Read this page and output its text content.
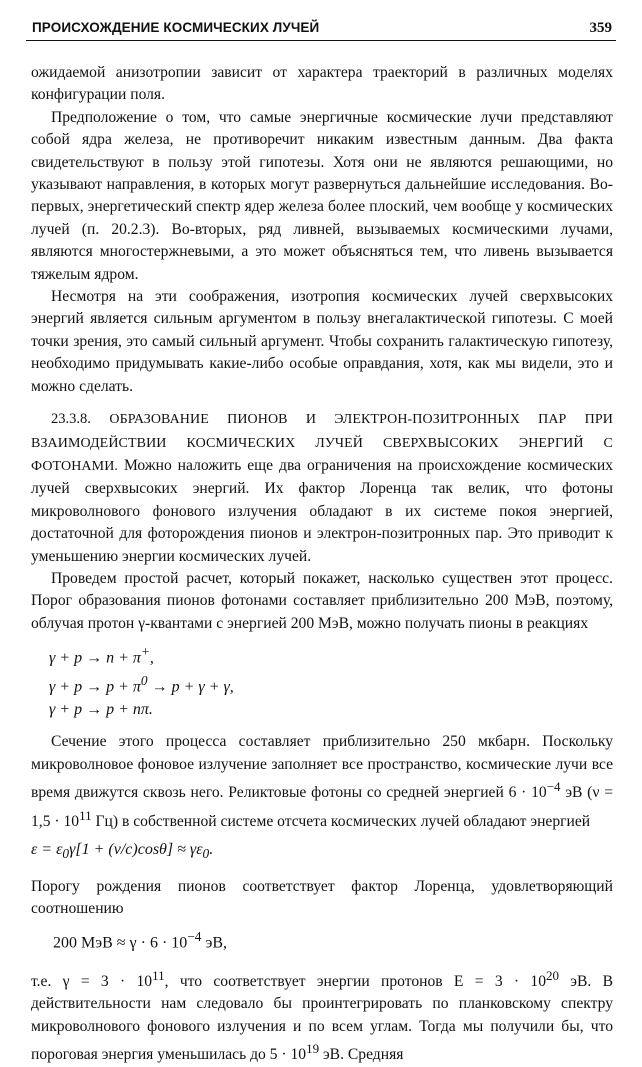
ПРОИСХОЖДЕНИЕ КОСМИЧЕСКИХ ЛУЧЕЙ	359

ожидаемой анизотропии зависит от характера траекторий в различных моделях конфигурации поля.

Предположение о том, что самые энергичные космические лучи представляют собой ядра железа, не противоречит никаким известным данным. Два факта свидетельствуют в пользу этой гипотезы. Хотя они не являются решающими, но указывают направления, в которых могут развернуться дальнейшие исследования. Во-первых, энергетический спектр ядер железа более плоский, чем вообще у космических лучей (п. 20.2.3). Во-вторых, ряд ливней, вызываемых космическими лучами, являются многостержневыми, а это может объясняться тем, что ливень вызывается тяжелым ядром.

Несмотря на эти соображения, изотропия космических лучей сверхвысоких энергий является сильным аргументом в пользу внегалактической гипотезы. С моей точки зрения, это самый сильный аргумент. Чтобы сохранить галактическую гипотезу, необходимо придумывать какие-либо особые оправдания, хотя, как мы видели, это и можно сделать.

23.3.8. ОБРАЗОВАНИЕ ПИОНОВ И ЭЛЕКТРОН-ПОЗИТРОННЫХ ПАР ПРИ ВЗАИМОДЕЙСТВИИ КОСМИЧЕСКИХ ЛУЧЕЙ СВЕРХВЫСОКИХ ЭНЕРГИЙ С ФОТОНАМИ. Можно наложить еще два ограничения на происхождение космических лучей сверхвысоких энергий. Их фактор Лоренца так велик, что фотоны микроволнового фонового излучения обладают в их системе покоя энергией, достаточной для фоторождения пионов и электрон-позитронных пар. Это приводит к уменьшению энергии космических лучей.

Проведем простой расчет, который покажет, насколько существен этот процесс. Порог образования пионов фотонами составляет приблизительно 200 МэВ, поэтому, облучая протон γ-квантами с энергией 200 МэВ, можно получать пионы в реакциях

γ + p → n + π+,
$\gamma + p \to p + \pi^0 \to p + \gamma + \gamma$,
γ + p → p + nπ.

Сечение этого процесса составляет приблизительно 250 мкбарн. Поскольку микроволновое фоновое излучение заполняет все пространство, космические лучи все время движутся сквозь него. Реликтовые фотоны со средней энергией $6 \cdot 10^{-4}$ эВ ($\nu = 1,5 \cdot 10^{11}$ Гц) в собственной системе отсчета космических лучей обладают энергией

$\varepsilon = \varepsilon_0\gamma[1 + (v/c)\cos\theta] \approx \gamma\varepsilon_0$.

Порогу рождения пионов соответствует фактор Лоренца, удовлетворяющий соотношению

200 МэВ ≈ $\gamma \cdot 6 \cdot 10^{-4}$ эВ,

т.е. $\gamma = 3 \cdot 10^{11}$, что соответствует энергии протонов $E = 3 \cdot 10^{20}$ эВ. В действительности нам следовало бы проинтегрировать по планковскому спектру микроволнового фонового излучения и по всем углам. Тогда мы получили бы, что пороговая энергия уменьшилась до $5 \cdot 10^{19}$ эВ. Средняя
